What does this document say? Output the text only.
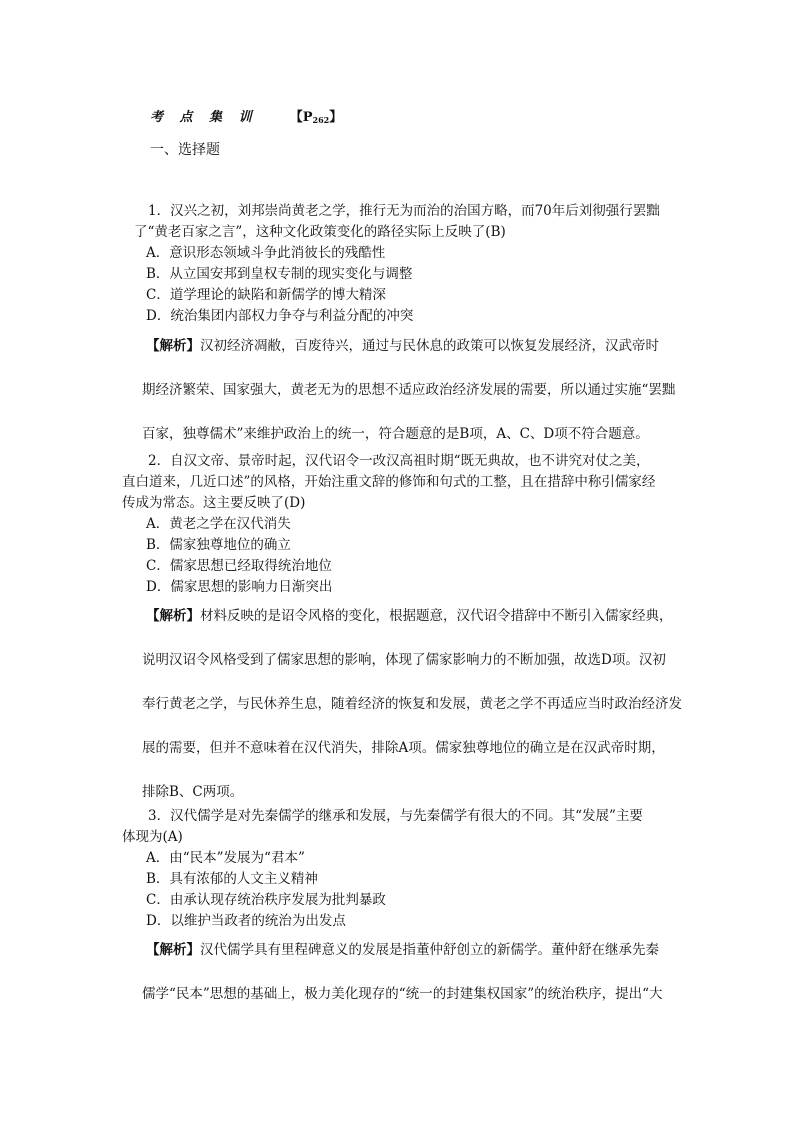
考 点 集 训 【$P_{262}$】
一、选择题
1．汉兴之初，刘邦崇尚黄老之学，推行无为而治的治国方略，而70年后刘彻强行罢黜
了“黄老百家之言”，这种文化政策变化的路径实际上反映了(B)
A．意识形态领域斗争此消彼长的残酷性
B．从立国安邦到皇权专制的现实变化与调整
C．道学理论的缺陷和新儒学的博大精深
D．统治集团内部权力争夺与利益分配的冲突
【解析】汉初经济凋敝，百废待兴，通过与民休息的政策可以恢复发展经济，汉武帝时
期经济繁荣、国家强大，黄老无为的思想不适应政治经济发展的需要，所以通过实施“罢黜
百家，独尊儒术”来维护政治上的统一，符合题意的是B项，A、C、D项不符合题意。
2．自汉文帝、景帝时起，汉代诏令一改汉高祖时期“既无典故，也不讲究对仗之美，
直白道来，几近口述”的风格，开始注重文辞的修饰和句式的工整，且在措辞中称引儒家经
传成为常态。这主要反映了(D)
A．黄老之学在汉代消失
B．儒家独尊地位的确立
C．儒家思想已经取得统治地位
D．儒家思想的影响力日渐突出
【解析】材料反映的是诏令风格的变化，根据题意，汉代诏令措辞中不断引入儒家经典，
说明汉诏令风格受到了儒家思想的影响，体现了儒家影响力的不断加强，故选D项。汉初
奉行黄老之学，与民休养生息，随着经济的恢复和发展，黄老之学不再适应当时政治经济发
展的需要，但并不意味着在汉代消失，排除A项。儒家独尊地位的确立是在汉武帝时期，
排除B、C两项。
3．汉代儒学是对先秦儒学的继承和发展，与先秦儒学有很大的不同。其“发展”主要
体现为(A)
A．由“民本”发展为“君本”
B．具有浓郁的人文主义精神
C．由承认现存统治秩序发展为批判暴政
D．以维护当政者的统治为出发点
【解析】汉代儒学具有里程碑意义的发展是指董仲舒创立的新儒学。董仲舒在继承先秦
儒学“民本”思想的基础上，极力美化现存的“统一的封建集权国家”的统治秩序，提出“大
